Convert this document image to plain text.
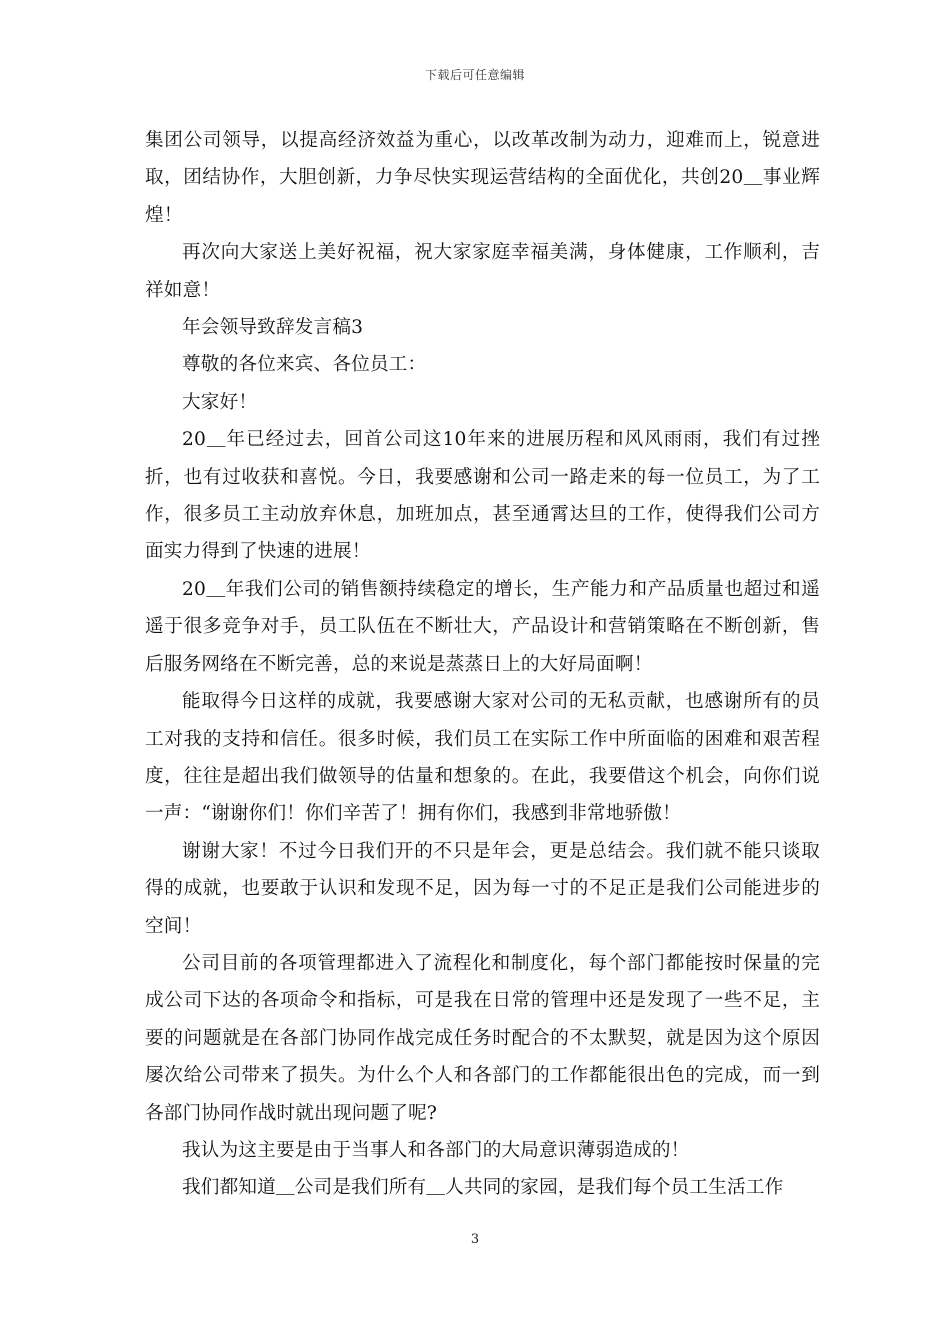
下载后可任意编辑

集团公司领导，以提高经济效益为重心，以改革改制为动力，迎难而上，锐意进取，团结协作，大胆创新，力争尽快实现运营结构的全面优化，共创20＿事业辉煌！

再次向大家送上美好祝福，祝大家家庭幸福美满，身体健康，工作顺利，吉祥如意！

年会领导致辞发言稿3

尊敬的各位来宾、各位员工：

大家好！

20＿年已经过去，回首公司这10年来的进展历程和风风雨雨，我们有过挫折，也有过收获和喜悦。今日，我要感谢和公司一路走来的每一位员工，为了工作，很多员工主动放弃休息，加班加点，甚至通霄达旦的工作，使得我们公司方面实力得到了快速的进展！

20＿年我们公司的销售额持续稳定的增长，生产能力和产品质量也超过和遥遥于很多竞争对手，员工队伍在不断壮大，产品设计和营销策略在不断创新，售后服务网络在不断完善，总的来说是蒸蒸日上的大好局面啊！

能取得今日这样的成就，我要感谢大家对公司的无私贡献，也感谢所有的员工对我的支持和信任。很多时候，我们员工在实际工作中所面临的困难和艰苦程度，往往是超出我们做领导的估量和想象的。在此，我要借这个机会，向你们说一声：“谢谢你们！你们辛苦了！拥有你们，我感到非常地骄傲！

谢谢大家！不过今日我们开的不只是年会，更是总结会。我们就不能只谈取得的成就，也要敢于认识和发现不足，因为每一寸的不足正是我们公司能进步的空间！

公司目前的各项管理都进入了流程化和制度化，每个部门都能按时保量的完成公司下达的各项命令和指标，可是我在日常的管理中还是发现了一些不足，主要的问题就是在各部门协同作战完成任务时配合的不太默契，就是因为这个原因屡次给公司带来了损失。为什么个人和各部门的工作都能很出色的完成，而一到各部门协同作战时就出现问题了呢?

我认为这主要是由于当事人和各部门的大局意识薄弱造成的！

我们都知道＿公司是我们所有＿人共同的家园，是我们每个员工生活工作

3
